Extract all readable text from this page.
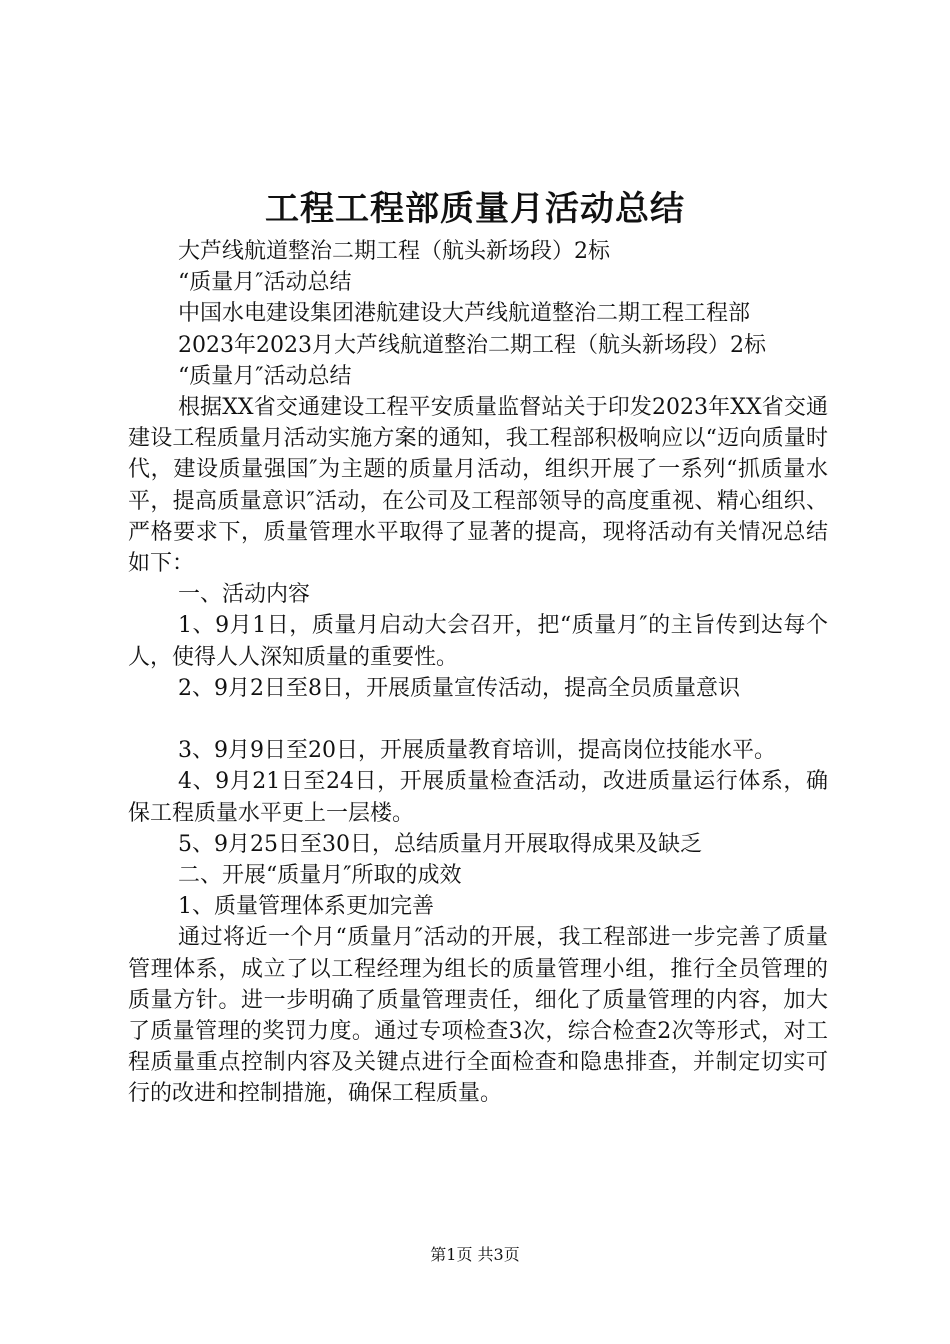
工程工程部质量月活动总结

大芦线航道整治二期工程（航头新场段）2标

“质量月″活动总结

中国水电建设集团港航建设大芦线航道整治二期工程工程部

2023年2023月大芦线航道整治二期工程（航头新场段）2标

“质量月″活动总结

根据XX省交通建设工程平安质量监督站关于印发2023年XX省交通建设工程质量月活动实施方案的通知，我工程部积极响应以“迈向质量时代，建设质量强国″为主题的质量月活动，组织开展了一系列“抓质量水平，提高质量意识″活动，在公司及工程部领导的高度重视、精心组织、严格要求下，质量管理水平取得了显著的提高，现将活动有关情况总结如下：

一、活动内容

1、9月1日，质量月启动大会召开，把“质量月″的主旨传到达每个人，使得人人深知质量的重要性。

2、9月2日至8日，开展质量宣传活动，提高全员质量意识

3、9月9日至20日，开展质量教育培训，提高岗位技能水平。

4、9月21日至24日，开展质量检查活动，改进质量运行体系，确保工程质量水平更上一层楼。

5、9月25日至30日，总结质量月开展取得成果及缺乏

二、开展“质量月″所取的成效

1、质量管理体系更加完善

通过将近一个月“质量月″活动的开展，我工程部进一步完善了质量管理体系，成立了以工程经理为组长的质量管理小组，推行全员管理的质量方针。进一步明确了质量管理责任，细化了质量管理的内容，加大了质量管理的奖罚力度。通过专项检查3次，综合检查2次等形式，对工程质量重点控制内容及关键点进行全面检查和隐患排查，并制定切实可行的改进和控制措施，确保工程质量。

第1页 共3页
